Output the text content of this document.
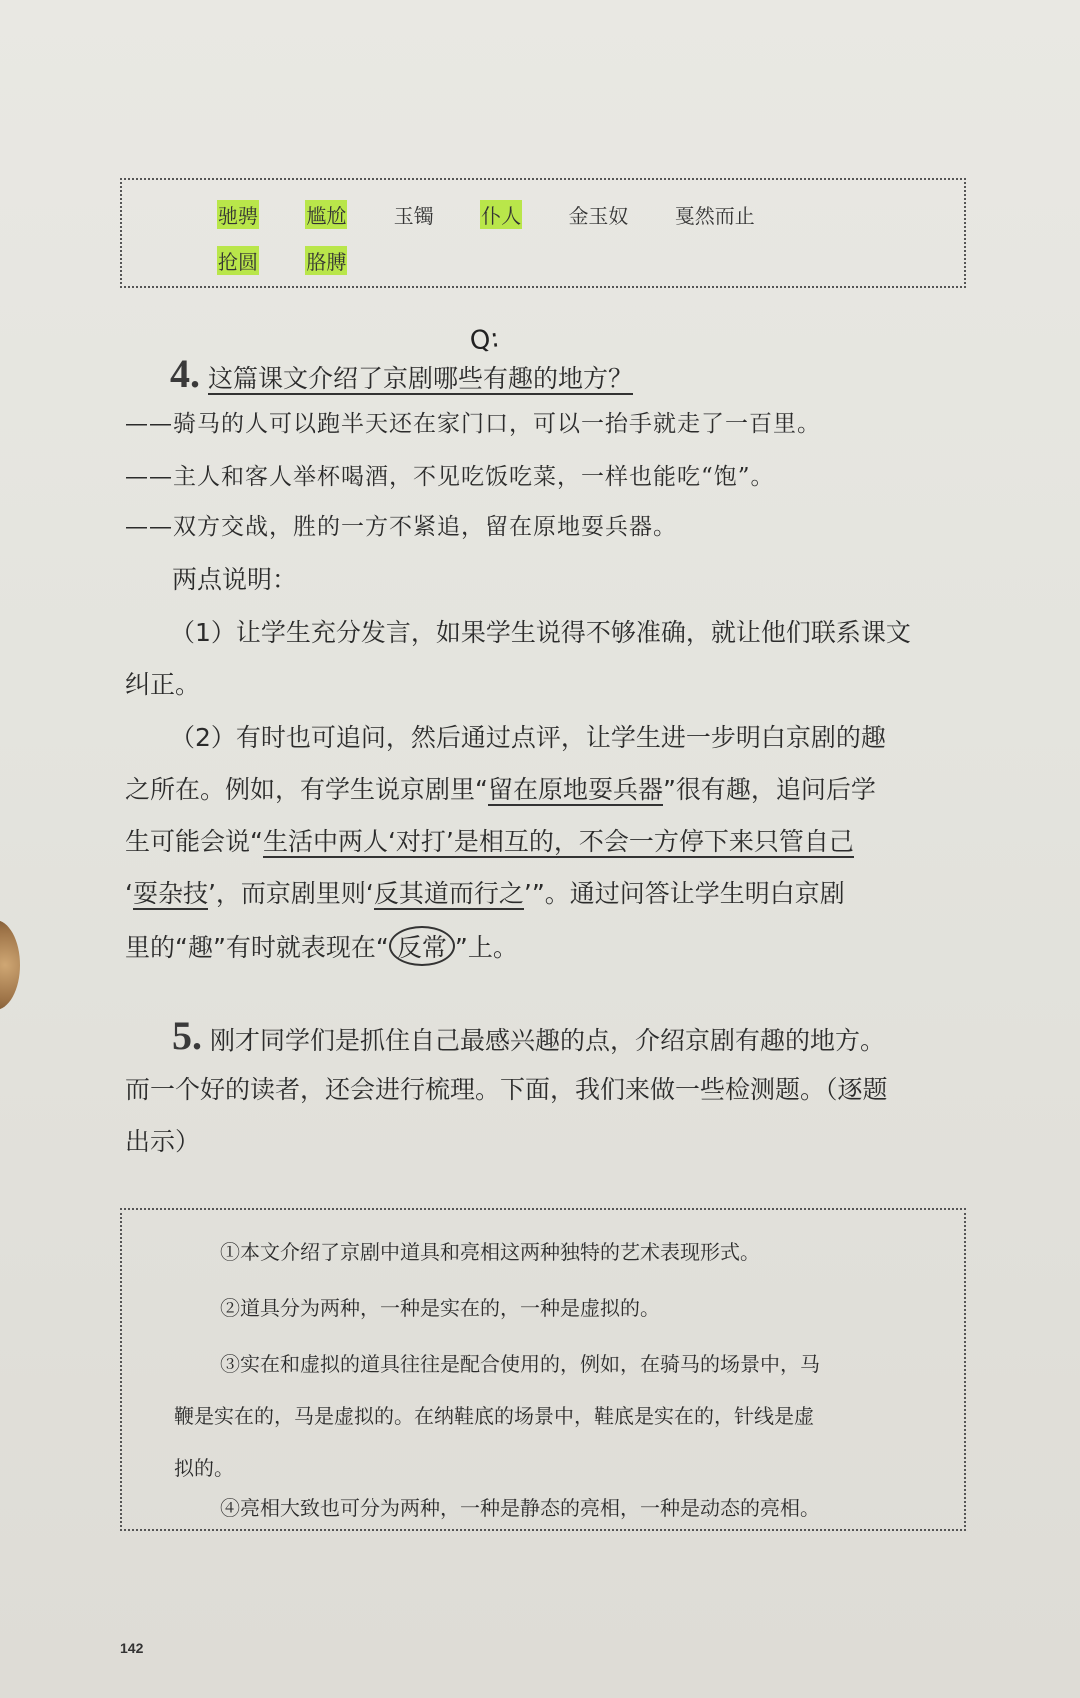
驰骋 尴尬 玉镯 仆人 金玉奴 戛然而止
抢圆 胳膊
Q:
4. 这篇课文介绍了京剧哪些有趣的地方？
——骑马的人可以跑半天还在家门口，可以一抬手就走了一百里。
——主人和客人举杯喝酒，不见吃饭吃菜，一样也能吃“饱”。
——双方交战，胜的一方不紧追，留在原地耍兵器。
两点说明：
（1）让学生充分发言，如果学生说得不够准确，就让他们联系课文
纠正。
（2）有时也可追问，然后通过点评，让学生进一步明白京剧的趣
之所在。例如，有学生说京剧里“留在原地耍兵器”很有趣，追问后学
生可能会说“生活中两人‘对打’是相互的，不会一方停下来只管自己
‘耍杂技’，而京剧里则‘反其道而行之’”。通过问答让学生明白京剧
里的“趣”有时就表现在“ 反常 ”上。
5. 刚才同学们是抓住自己最感兴趣的点，介绍京剧有趣的地方。
而一个好的读者，还会进行梳理。下面，我们来做一些检测题。（逐题
出示）
①本文介绍了京剧中道具和亮相这两种独特的艺术表现形式。
②道具分为两种，一种是实在的，一种是虚拟的。
③实在和虚拟的道具往往是配合使用的，例如，在骑马的场景中，马
鞭是实在的，马是虚拟的。在纳鞋底的场景中，鞋底是实在的，针线是虚
拟的。
④亮相大致也可分为两种，一种是静态的亮相，一种是动态的亮相。
142
